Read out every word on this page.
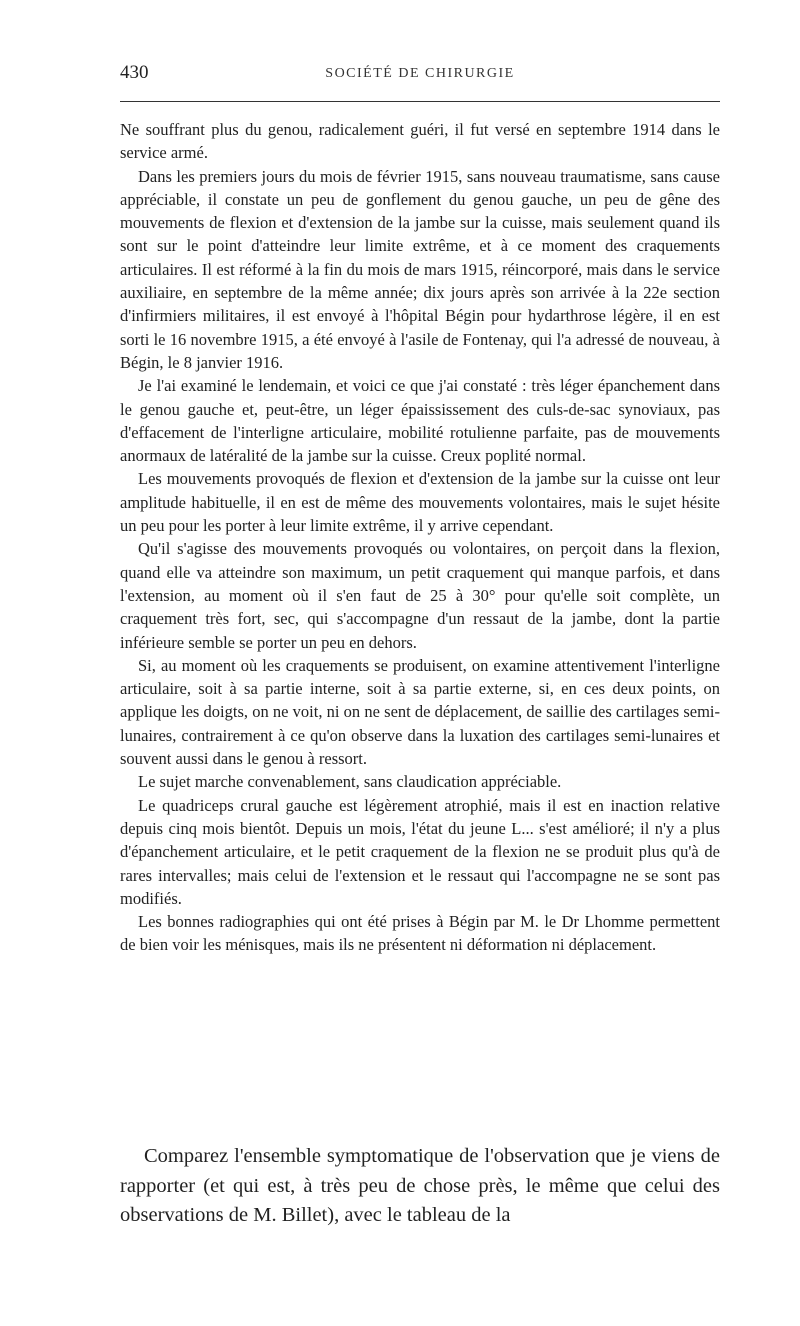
430	SOCIÉTÉ DE CHIRURGIE

Ne souffrant plus du genou, radicalement guéri, il fut versé en septembre 1914 dans le service armé.

Dans les premiers jours du mois de février 1915, sans nouveau traumatisme, sans cause appréciable, il constate un peu de gonflement du genou gauche, un peu de gêne des mouvements de flexion et d'extension de la jambe sur la cuisse, mais seulement quand ils sont sur le point d'atteindre leur limite extrême, et à ce moment des craquements articulaires. Il est réformé à la fin du mois de mars 1915, réincorporé, mais dans le service auxiliaire, en septembre de la même année; dix jours après son arrivée à la 22e section d'infirmiers militaires, il est envoyé à l'hôpital Bégin pour hydarthrose légère, il en est sorti le 16 novembre 1915, a été envoyé à l'asile de Fontenay, qui l'a adressé de nouveau, à Bégin, le 8 janvier 1916.

Je l'ai examiné le lendemain, et voici ce que j'ai constaté : très léger épanchement dans le genou gauche et, peut-être, un léger épaississement des culs-de-sac synoviaux, pas d'effacement de l'interligne articulaire, mobilité rotulienne parfaite, pas de mouvements anormaux de latéralité de la jambe sur la cuisse. Creux poplité normal.

Les mouvements provoqués de flexion et d'extension de la jambe sur la cuisse ont leur amplitude habituelle, il en est de même des mouvements volontaires, mais le sujet hésite un peu pour les porter à leur limite extrême, il y arrive cependant.

Qu'il s'agisse des mouvements provoqués ou volontaires, on perçoit dans la flexion, quand elle va atteindre son maximum, un petit craquement qui manque parfois, et dans l'extension, au moment où il s'en faut de 25 à 30° pour qu'elle soit complète, un craquement très fort, sec, qui s'accompagne d'un ressaut de la jambe, dont la partie inférieure semble se porter un peu en dehors.

Si, au moment où les craquements se produisent, on examine attentivement l'interligne articulaire, soit à sa partie interne, soit à sa partie externe, si, en ces deux points, on applique les doigts, on ne voit, ni on ne sent de déplacement, de saillie des cartilages semi-lunaires, contrairement à ce qu'on observe dans la luxation des cartilages semi-lunaires et souvent aussi dans le genou à ressort.

Le sujet marche convenablement, sans claudication appréciable.

Le quadriceps crural gauche est légèrement atrophié, mais il est en inaction relative depuis cinq mois bientôt. Depuis un mois, l'état du jeune L... s'est amélioré; il n'y a plus d'épanchement articulaire, et le petit craquement de la flexion ne se produit plus qu'à de rares intervalles; mais celui de l'extension et le ressaut qui l'accompagne ne se sont pas modifiés.

Les bonnes radiographies qui ont été prises à Bégin par M. le Dr Lhomme permettent de bien voir les ménisques, mais ils ne présentent ni déformation ni déplacement.

Comparez l'ensemble symptomatique de l'observation que je viens de rapporter (et qui est, à très peu de chose près, le même que celui des observations de M. Billet), avec le tableau de la
